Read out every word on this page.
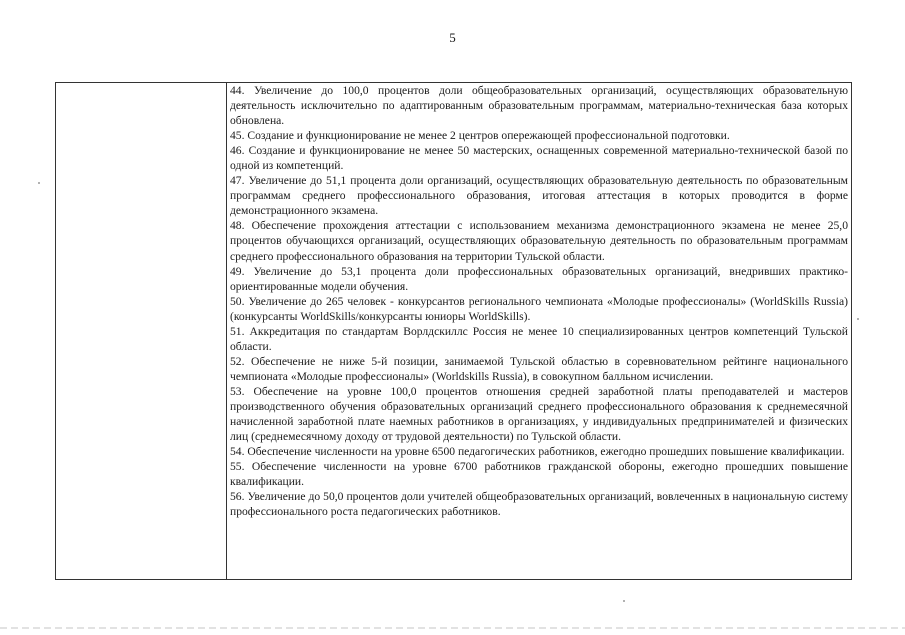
5

44. Увеличение до 100,0 процентов доли общеобразовательных организаций, осуществляющих образовательную деятельность исключительно по адаптированным образовательным программам, материально-техническая база которых обновлена.

45. Создание и функционирование не менее 2 центров опережающей профессиональной подготовки.

46. Создание и функционирование не менее 50 мастерских, оснащенных современной материально-технической базой по одной из компетенций.

47. Увеличение до 51,1 процента доли организаций, осуществляющих образовательную деятельность по образовательным программам среднего профессионального образования, итоговая аттестация в которых проводится в форме демонстрационного экзамена.

48. Обеспечение прохождения аттестации с использованием механизма демонстрационного экзамена не менее 25,0 процентов обучающихся организаций, осуществляющих образовательную деятельность по образовательным программам среднего профессионального образования на территории Тульской области.

49. Увеличение до 53,1 процента доли профессиональных образовательных организаций, внедривших практико-ориентированные модели обучения.

50. Увеличение до 265 человек - конкурсантов регионального чемпионата «Молодые профессионалы» (WorldSkills Russia) (конкурсанты WorldSkills/конкурсанты юниоры WorldSkills).

51. Аккредитация по стандартам Ворлдскиллс Россия не менее 10 специализированных центров компетенций Тульской области.

52. Обеспечение не ниже 5-й позиции, занимаемой Тульской областью в соревновательном рейтинге национального чемпионата «Молодые профессионалы» (Worldskills Russia), в совокупном балльном исчислении.

53. Обеспечение на уровне 100,0 процентов отношения средней заработной платы преподавателей и мастеров производственного обучения образовательных организаций среднего профессионального образования к среднемесячной начисленной заработной плате наемных работников в организациях, у индивидуальных предпринимателей и физических лиц (среднемесячному доходу от трудовой деятельности) по Тульской области.

54. Обеспечение численности на уровне 6500 педагогических работников, ежегодно прошедших повышение квалификации.

55. Обеспечение численности на уровне 6700 работников гражданской обороны, ежегодно прошедших повышение квалификации.

56. Увеличение до 50,0 процентов доли учителей общеобразовательных организаций, вовлеченных в национальную систему профессионального роста педагогических работников.
